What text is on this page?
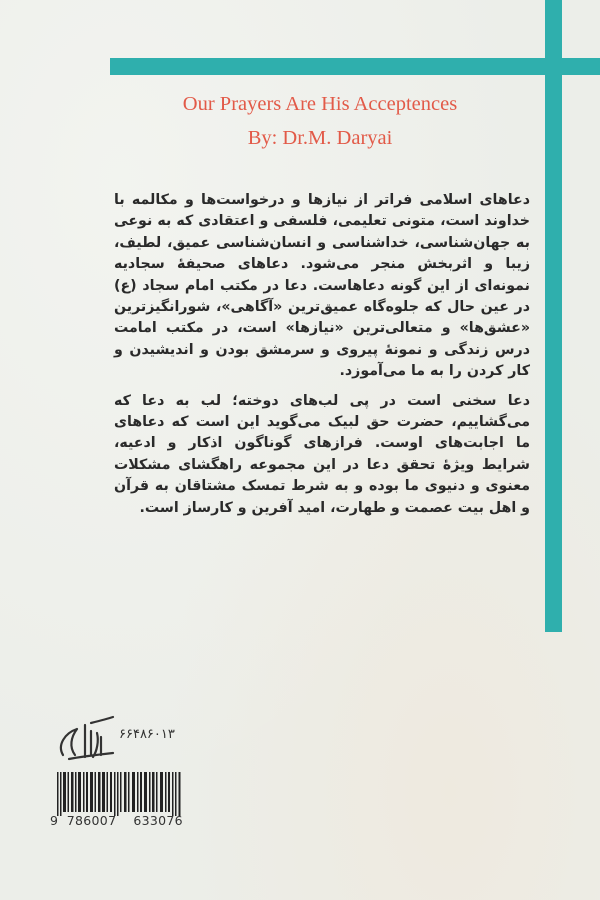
Our Prayers Are His Acceptences
By: Dr.M. Daryai

دعاهای اسلامی فراتر از نیازها و درخواست‌ها و مکالمه با خداوند است، متونی تعلیمی، فلسفی و اعتقادی که به نوعی به جهان‌شناسی، خداشناسی و انسان‌شناسی عمیق، لطیف، زیبا و اثربخش منجر می‌شود. دعاهای صحیفهٔ سجادیه نمونه‌ای از این گونه دعاهاست. دعا در مکتب امام سجاد (ع) در عین حال که جلوه‌گاه عمیق‌ترین «آگاهی»، شورانگیزترین «عشق‌ها» و متعالی‌ترین «نیازها» است، در مکتب امامت درس زندگی و نمونهٔ پیروی و سرمشق بودن و اندیشیدن و کار کردن را به ما می‌آموزد.

دعا سخنی است در پی لب‌های دوخته؛ لب به دعا که می‌گشاییم، حضرت حق لبیک می‌گوید این است که دعاهای ما اجابت‌های اوست. فرازهای گوناگون اذکار و ادعیه، شرایط ویژهٔ تحقق دعا در این مجموعه راهگشای مشکلات معنوی و دنیوی ما بوده و به شرط تمسک مشتاقان به قرآن و اهل بیت عصمت و طهارت، امید آفرین و کارساز است.

۶۶۴۸۶۰۱۳
9  786007    633076
